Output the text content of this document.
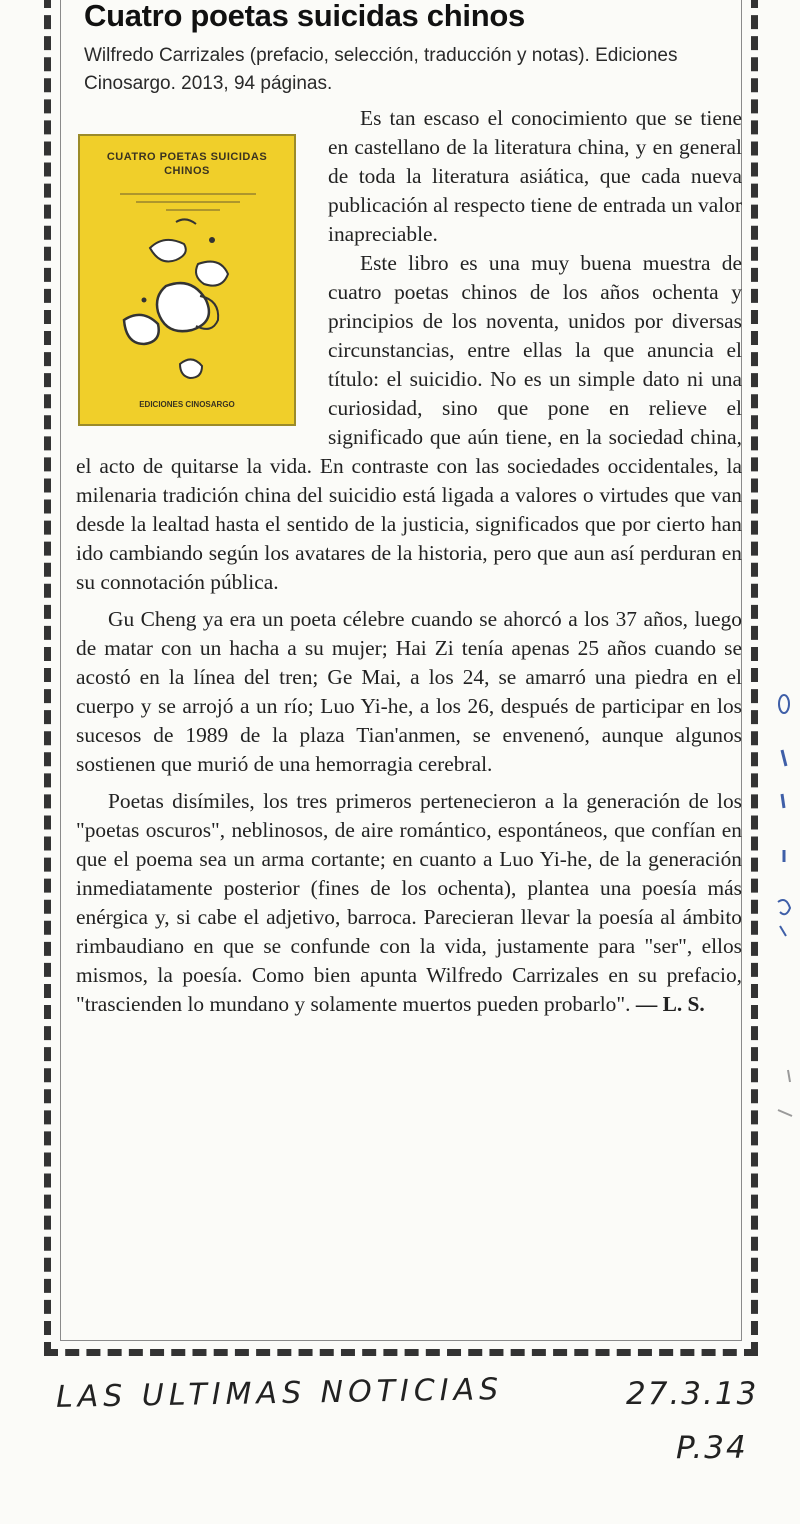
Cuatro poetas suicidas chinos
Wilfredo Carrizales (prefacio, selección, traducción y notas). Ediciones Cinosargo. 2013, 94 páginas.
CUATRO POETAS SUICIDAS CHINOS
EDICIONES CINOSARGO

Es tan escaso el conocimiento que se tiene en castellano de la literatura china, y en general de toda la literatura asiática, que cada nueva publicación al respecto tiene de entrada un valor inapreciable.

Este libro es una muy buena muestra de cuatro poetas chinos de los años ochenta y principios de los noventa, unidos por diversas circunstancias, entre ellas la que anuncia el título: el suicidio. No es un simple dato ni una curiosidad, sino que pone en relieve el significado que aún tiene, en la sociedad china, el acto de quitarse la vida. En contraste con las sociedades occidentales, la milenaria tradición china del suicidio está ligada a valores o virtudes que van desde la lealtad hasta el sentido de la justicia, significados que por cierto han ido cambiando según los avatares de la historia, pero que aun así perduran en su connotación pública.

Gu Cheng ya era un poeta célebre cuando se ahorcó a los 37 años, luego de matar con un hacha a su mujer; Hai Zi tenía apenas 25 años cuando se acostó en la línea del tren; Ge Mai, a los 24, se amarró una piedra en el cuerpo y se arrojó a un río; Luo Yi-he, a los 26, después de participar en los sucesos de 1989 de la plaza Tian'anmen, se envenenó, aunque algunos sostienen que murió de una hemorragia cerebral.

Poetas disímiles, los tres primeros pertenecieron a la generación de los "poetas oscuros", neblinosos, de aire romántico, espontáneos, que confían en que el poema sea un arma cortante; en cuanto a Luo Yi-he, de la generación inmediatamente posterior (fines de los ochenta), plantea una poesía más enérgica y, si cabe el adjetivo, barroca. Parecieran llevar la poesía al ámbito rimbaudiano en que se confunde con la vida, justamente para "ser", ellos mismos, la poesía. Como bien apunta Wilfredo Carrizales en su prefacio, "trascienden lo mundano y solamente muertos pueden probarlo". — L. S.

LAS ULTIMAS NOTICIAS	27.3.13
P.34
